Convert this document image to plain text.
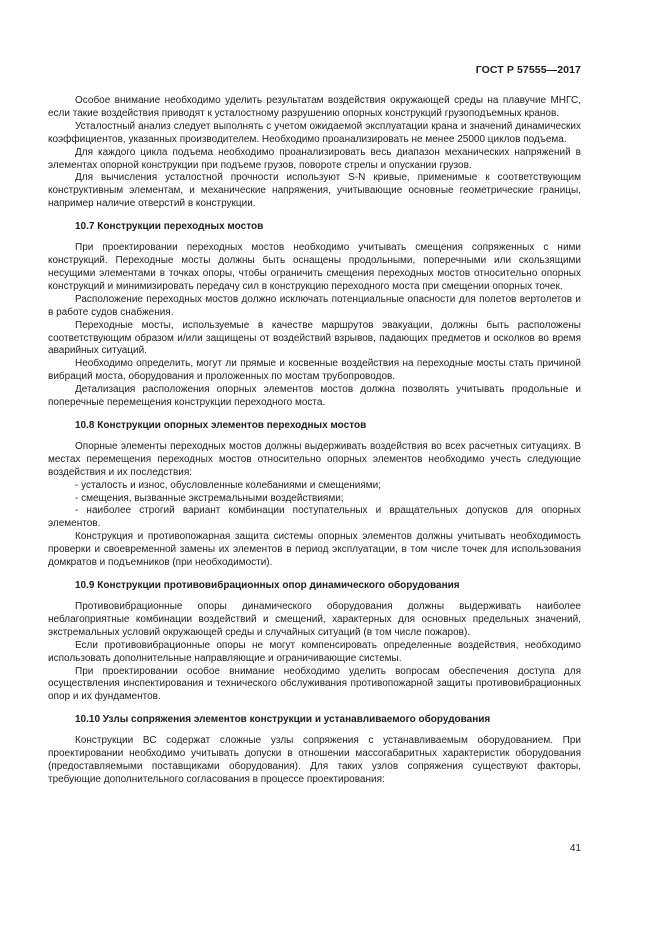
ГОСТ Р 57555—2017

Особое внимание необходимо уделить результатам воздействия окружающей среды на плавучие МНГС, если такие воздействия приводят к усталостному разрушению опорных конструкций грузоподъемных кранов.

Усталостный анализ следует выполнять с учетом ожидаемой эксплуатации крана и значений динамических коэффициентов, указанных производителем. Необходимо проанализировать не менее 25000 циклов подъема.

Для каждого цикла подъема необходимо проанализировать весь диапазон механических напряжений в элементах опорной конструкции при подъеме грузов, повороте стрелы и опускании грузов.

Для вычисления усталостной прочности используют S-N кривые, применимые к соответствующим конструктивным элементам, и механические напряжения, учитывающие основные геометрические границы, например наличие отверстий в конструкции.

10.7 Конструкции переходных мостов

При проектировании переходных мостов необходимо учитывать смещения сопряженных с ними конструкций. Переходные мосты должны быть оснащены продольными, поперечными или скользящими несущими элементами в точках опоры, чтобы ограничить смещения переходных мостов относительно опорных конструкций и минимизировать передачу сил в конструкцию переходного моста при смещении опорных точек.

Расположение переходных мостов должно исключать потенциальные опасности для полетов вертолетов и в работе судов снабжения.

Переходные мосты, используемые в качестве маршрутов эвакуации, должны быть расположены соответствующим образом и/или защищены от воздействий взрывов, падающих предметов и осколков во время аварийных ситуаций.

Необходимо определить, могут ли прямые и косвенные воздействия на переходные мосты стать причиной вибраций моста, оборудования и проложенных по мостам трубопроводов.

Детализация расположения опорных элементов мостов должна позволять учитывать продольные и поперечные перемещения конструкции переходного моста.

10.8 Конструкции опорных элементов переходных мостов

Опорные элементы переходных мостов должны выдерживать воздействия во всех расчетных ситуациях. В местах перемещения переходных мостов относительно опорных элементов необходимо учесть следующие воздействия и их последствия:

- усталость и износ, обусловленные колебаниями и смещениями;
- смещения, вызванные экстремальными воздействиями;
- наиболее строгий вариант комбинации поступательных и вращательных допусков для опорных элементов.

Конструкция и противопожарная защита системы опорных элементов должны учитывать необходимость проверки и своевременной замены их элементов в период эксплуатации, в том числе точек для использования домкратов и подъемников (при необходимости).

10.9 Конструкции противовибрационных опор динамического оборудования

Противовибрационные опоры динамического оборудования должны выдерживать наиболее неблагоприятные комбинации воздействий и смещений, характерных для основных предельных значений, экстремальных условий окружающей среды и случайных ситуаций (в том числе пожаров).

Если противовибрационные опоры не могут компенсировать определенные воздействия, необходимо использовать дополнительные направляющие и ограничивающие системы.

При проектировании особое внимание необходимо уделить вопросам обеспечения доступа для осуществления инспектирования и технического обслуживания противопожарной защиты противовибрационных опор и их фундаментов.

10.10 Узлы сопряжения элементов конструкции и устанавливаемого оборудования

Конструкции ВС содержат сложные узлы сопряжения с устанавливаемым оборудованием. При проектировании необходимо учитывать допуски в отношении массогабаритных характеристик оборудования (предоставляемыми поставщиками оборудования). Для таких узлов сопряжения существуют факторы, требующие дополнительного согласования в процессе проектирования:

41
